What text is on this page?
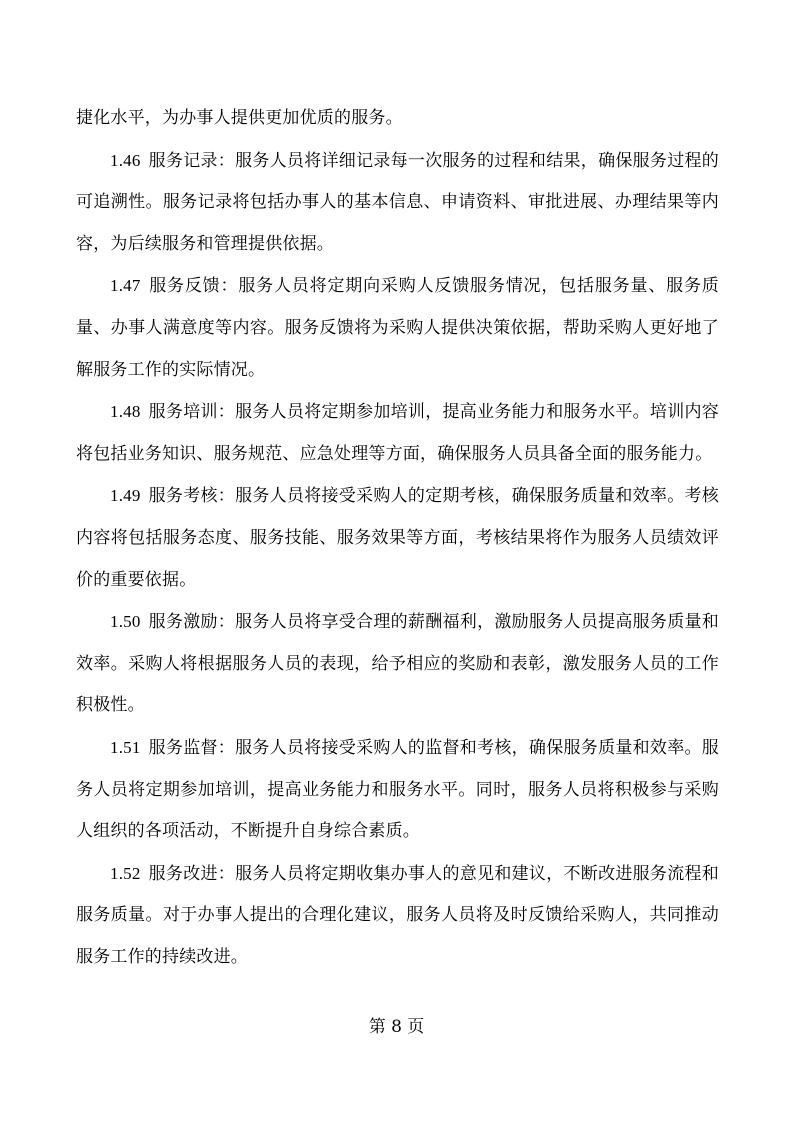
捷化水平，为办事人提供更加优质的服务。

1.46 服务记录：服务人员将详细记录每一次服务的过程和结果，确保服务过程的可追溯性。服务记录将包括办事人的基本信息、申请资料、审批进展、办理结果等内容，为后续服务和管理提供依据。

1.47 服务反馈：服务人员将定期向采购人反馈服务情况，包括服务量、服务质量、办事人满意度等内容。服务反馈将为采购人提供决策依据，帮助采购人更好地了解服务工作的实际情况。

1.48 服务培训：服务人员将定期参加培训，提高业务能力和服务水平。培训内容将包括业务知识、服务规范、应急处理等方面，确保服务人员具备全面的服务能力。

1.49 服务考核：服务人员将接受采购人的定期考核，确保服务质量和效率。考核内容将包括服务态度、服务技能、服务效果等方面，考核结果将作为服务人员绩效评价的重要依据。

1.50 服务激励：服务人员将享受合理的薪酬福利，激励服务人员提高服务质量和效率。采购人将根据服务人员的表现，给予相应的奖励和表彰，激发服务人员的工作积极性。

1.51 服务监督：服务人员将接受采购人的监督和考核，确保服务质量和效率。服务人员将定期参加培训，提高业务能力和服务水平。同时，服务人员将积极参与采购人组织的各项活动，不断提升自身综合素质。

1.52 服务改进：服务人员将定期收集办事人的意见和建议，不断改进服务流程和服务质量。对于办事人提出的合理化建议，服务人员将及时反馈给采购人，共同推动服务工作的持续改进。

第 8 页
